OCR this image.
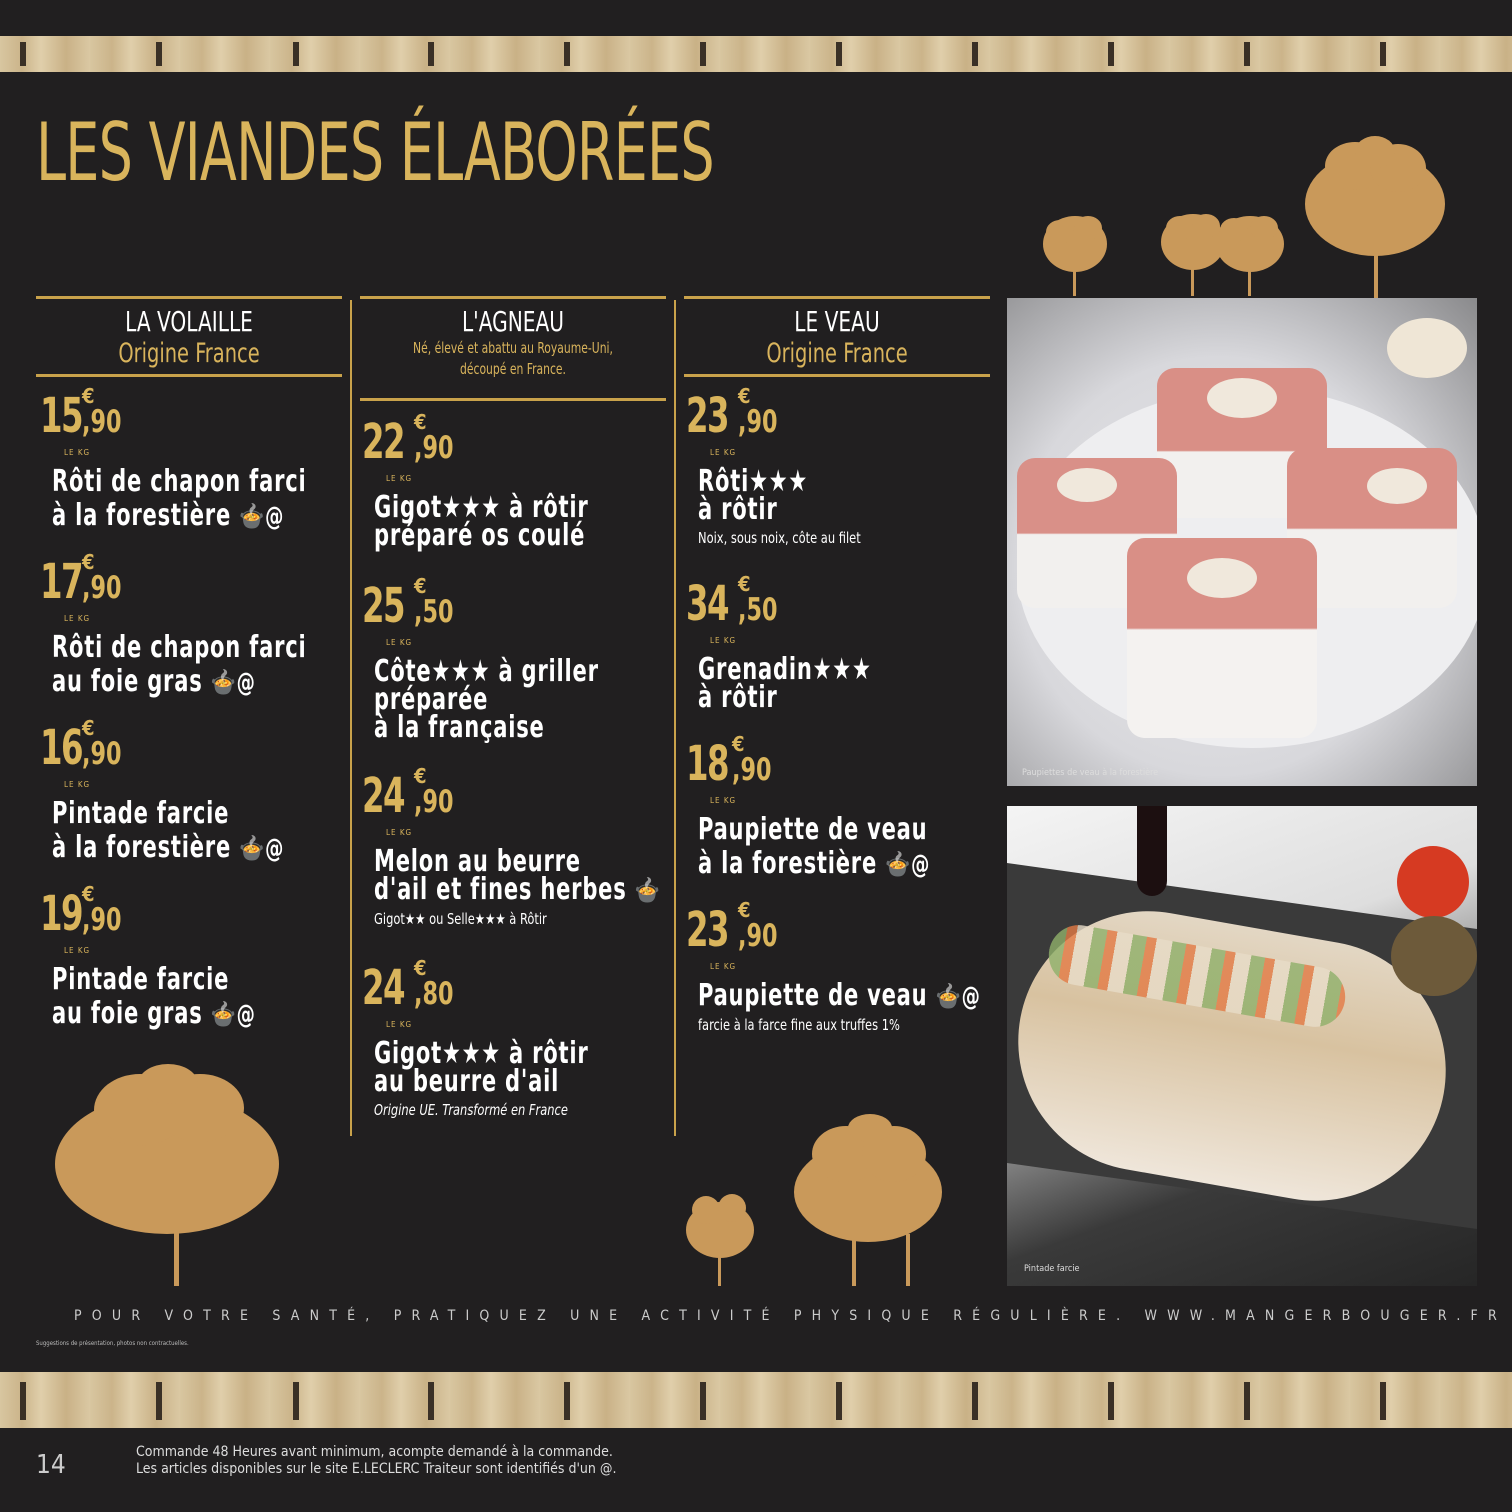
LES VIANDES ÉLABORÉES
LA VOLAILLE
Origine France
L'AGNEAU
Né, élevé et abattu au Royaume-Uni,
découpé en France.
LE VEAU
Origine France
15 €
,90
LE KG
Rôti de chapon farci
à la forestière 🍲@
17 €
,90
LE KG
Rôti de chapon farci
au foie gras 🍲@
16 €
,90
LE KG
Pintade farcie
à la forestière 🍲@
19 €
,90
LE KG
Pintade farcie
au foie gras 🍲@
22 €
,90
LE KG
Gigot★★★ à rôtir
préparé os coulé
25 €
,50
LE KG
Côte★★★ à griller
préparée
à la française
24 €
,90
LE KG
Melon au beurre
d'ail et fines herbes 🍲
Gigot★★ ou Selle★★★ à Rôtir
24 €
,80
LE KG
Gigot★★★ à rôtir
au beurre d'ail
Origine UE. Transformé en France
23 €
,90
LE KG
Rôti★★★
à rôtir
Noix, sous noix, côte au filet
34 €
,50
LE KG
Grenadin★★★
à rôtir
18 €
,90
LE KG
Paupiette de veau
à la forestière 🍲@
23 €
,90
LE KG
Paupiette de veau 🍲@
farcie à la farce fine aux truffes 1%
Paupiettes de veau à la forestière
Pintade farcie
POUR VOTRE SANTÉ, PRATIQUEZ UNE ACTIVITÉ PHYSIQUE RÉGULIÈRE. WWW.MANGERBOUGER.FR
Suggestions de présentation, photos non contractuelles.
14	Commande 48 Heures avant minimum, acompte demandé à la commande.
Les articles disponibles sur le site E.LECLERC Traiteur sont identifiés d'un @.
